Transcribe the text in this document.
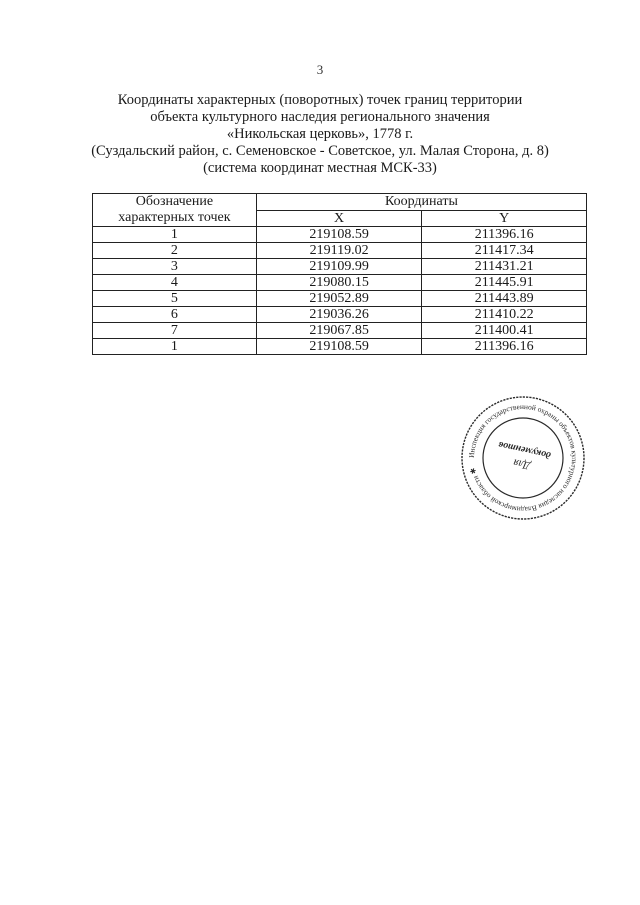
3
Координаты характерных (поворотных) точек границ территории
объекта культурного наследия регионального значения
«Никольская церковь», 1778 г.
(Суздальский район, с. Семеновское - Советское, ул. Малая Сторона, д. 8)
(система координат местная МСК-33)
Обозначение
характерных точек	Координаты	
	X	Y
1	219108.59	211396.16
2	219119.02	211417.34
3	219109.99	211431.21
4	219080.15	211445.91
5	219052.89	211443.89
6	219036.26	211410.22
7	219067.85	211400.41
1	219108.59	211396.16
Инспекция государственной охраны объектов культурного наследия Владимирской области ✱	Для
документов
